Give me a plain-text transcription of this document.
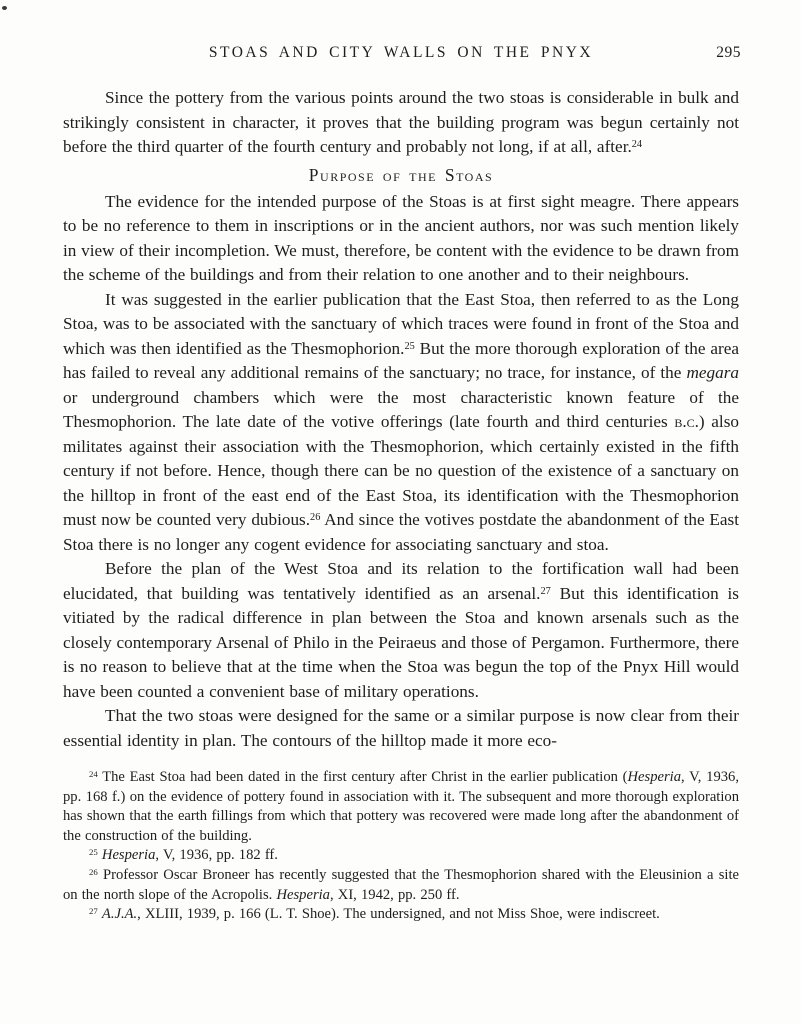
STOAS AND CITY WALLS ON THE PNYX	295

Since the pottery from the various points around the two stoas is considerable in bulk and strikingly consistent in character, it proves that the building program was begun certainly not before the third quarter of the fourth century and probably not long, if at all, after.$^{24}$

Purpose of the Stoas

The evidence for the intended purpose of the Stoas is at first sight meagre. There appears to be no reference to them in inscriptions or in the ancient authors, nor was such mention likely in view of their incompletion. We must, therefore, be content with the evidence to be drawn from the scheme of the buildings and from their relation to one another and to their neighbours.

It was suggested in the earlier publication that the East Stoa, then referred to as the Long Stoa, was to be associated with the sanctuary of which traces were found in front of the Stoa and which was then identified as the Thesmophorion.$^{25}$ But the more thorough exploration of the area has failed to reveal any additional remains of the sanctuary; no trace, for instance, of the megara or underground chambers which were the most characteristic known feature of the Thesmophorion. The late date of the votive offerings (late fourth and third centuries b.c.) also militates against their association with the Thesmophorion, which certainly existed in the fifth century if not before. Hence, though there can be no question of the existence of a sanctuary on the hilltop in front of the east end of the East Stoa, its identification with the Thesmophorion must now be counted very dubious.$^{26}$ And since the votives postdate the abandonment of the East Stoa there is no longer any cogent evidence for associating sanctuary and stoa.

Before the plan of the West Stoa and its relation to the fortification wall had been elucidated, that building was tentatively identified as an arsenal.$^{27}$ But this identification is vitiated by the radical difference in plan between the Stoa and known arsenals such as the closely contemporary Arsenal of Philo in the Peiraeus and those of Pergamon. Furthermore, there is no reason to believe that at the time when the Stoa was begun the top of the Pnyx Hill would have been counted a convenient base of military operations.

That the two stoas were designed for the same or a similar purpose is now clear from their essential identity in plan. The contours of the hilltop made it more eco-

$^{24}$ The East Stoa had been dated in the first century after Christ in the earlier publication (Hesperia, V, 1936, pp. 168 f.) on the evidence of pottery found in association with it. The subsequent and more thorough exploration has shown that the earth fillings from which that pottery was recovered were made long after the abandonment of the construction of the building.

$^{25}$ Hesperia, V, 1936, pp. 182 ff.

$^{26}$ Professor Oscar Broneer has recently suggested that the Thesmophorion shared with the Eleusinion a site on the north slope of the Acropolis. Hesperia, XI, 1942, pp. 250 ff.

$^{27}$ A.J.A., XLIII, 1939, p. 166 (L. T. Shoe). The undersigned, and not Miss Shoe, were indiscreet.
